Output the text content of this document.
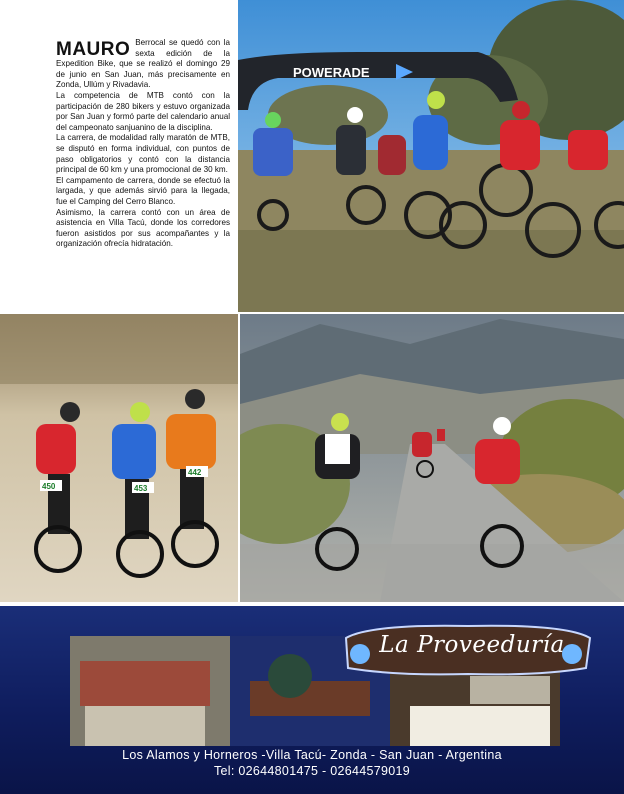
MAURO Berrocal se quedó con la sexta edición de la Expedition Bike, que se realizó el domingo 29 de junio en San Juan, más precisamente en Zonda, Ullúm y Rivadavia.

La competencia de MTB contó con la participación de 280 bikers y estuvo organizada por San Juan y formó parte del calendario anual del campeonato sanjuanino de la disciplina.

La carrera, de modalidad rally maratón de MTB, se disputó en forma individual, con puntos de paso obligatorios y contó con la distancia principal de 60 km y una promocional de 30 km.

El campamento de carrera, donde se efectuó la largada, y que además sirvió para la llegada, fue el Camping del Cerro Blanco.

Asimismo, la carrera contó con un área de asistencia en Villa Tacú, donde los corredores fueron asistidos por sus acompañantes y la organización ofrecía hidratación.

POWERADE
450	453
442
La Proveeduría
Los Alamos y Horneros -Villa Tacú- Zonda - San Juan - Argentina
Tel: 02644801475 - 02644579019
